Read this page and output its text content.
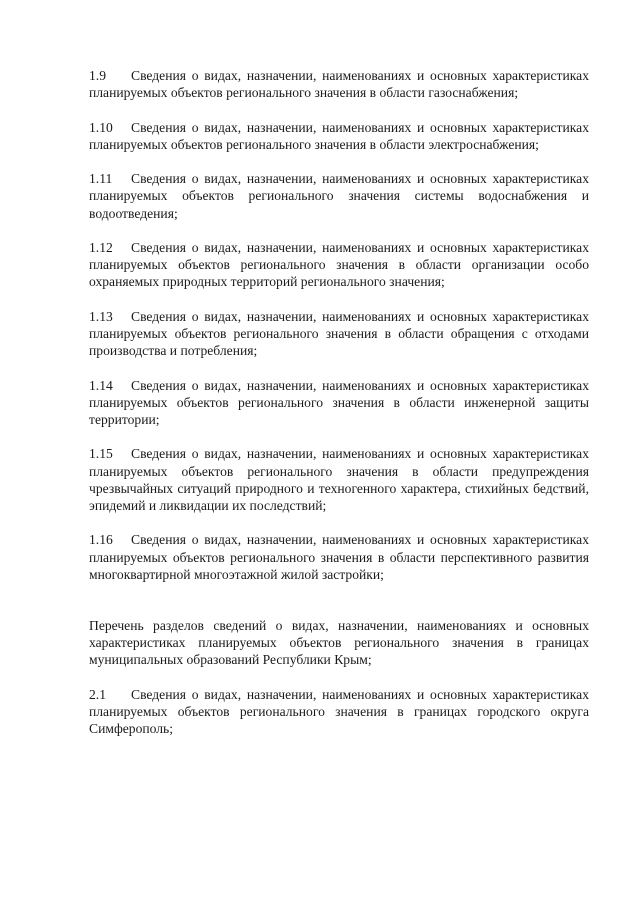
1.9 Сведения о видах, назначении, наименованиях и основных характеристиках планируемых объектов регионального значения в области газоснабжения;

1.10 Сведения о видах, назначении, наименованиях и основных характеристиках планируемых объектов регионального значения в области электроснабжения;

1.11 Сведения о видах, назначении, наименованиях и основных характеристиках планируемых объектов регионального значения системы водоснабжения и водоотведения;

1.12 Сведения о видах, назначении, наименованиях и основных характеристиках планируемых объектов регионального значения в области организации особо охраняемых природных территорий регионального значения;

1.13 Сведения о видах, назначении, наименованиях и основных характеристиках планируемых объектов регионального значения в области обращения с отходами производства и потребления;

1.14 Сведения о видах, назначении, наименованиях и основных характеристиках планируемых объектов регионального значения в области инженерной защиты территории;

1.15 Сведения о видах, назначении, наименованиях и основных характеристиках планируемых объектов регионального значения в области предупреждения чрезвычайных ситуаций природного и техногенного характера, стихийных бедствий, эпидемий и ликвидации их последствий;

1.16 Сведения о видах, назначении, наименованиях и основных характеристиках планируемых объектов регионального значения в области перспективного развития многоквартирной многоэтажной жилой застройки;

Перечень разделов сведений о видах, назначении, наименованиях и основных характеристиках планируемых объектов регионального значения в границах муниципальных образований Республики Крым;

2.1 Сведения о видах, назначении, наименованиях и основных характеристиках планируемых объектов регионального значения в границах городского округа Симферополь;
